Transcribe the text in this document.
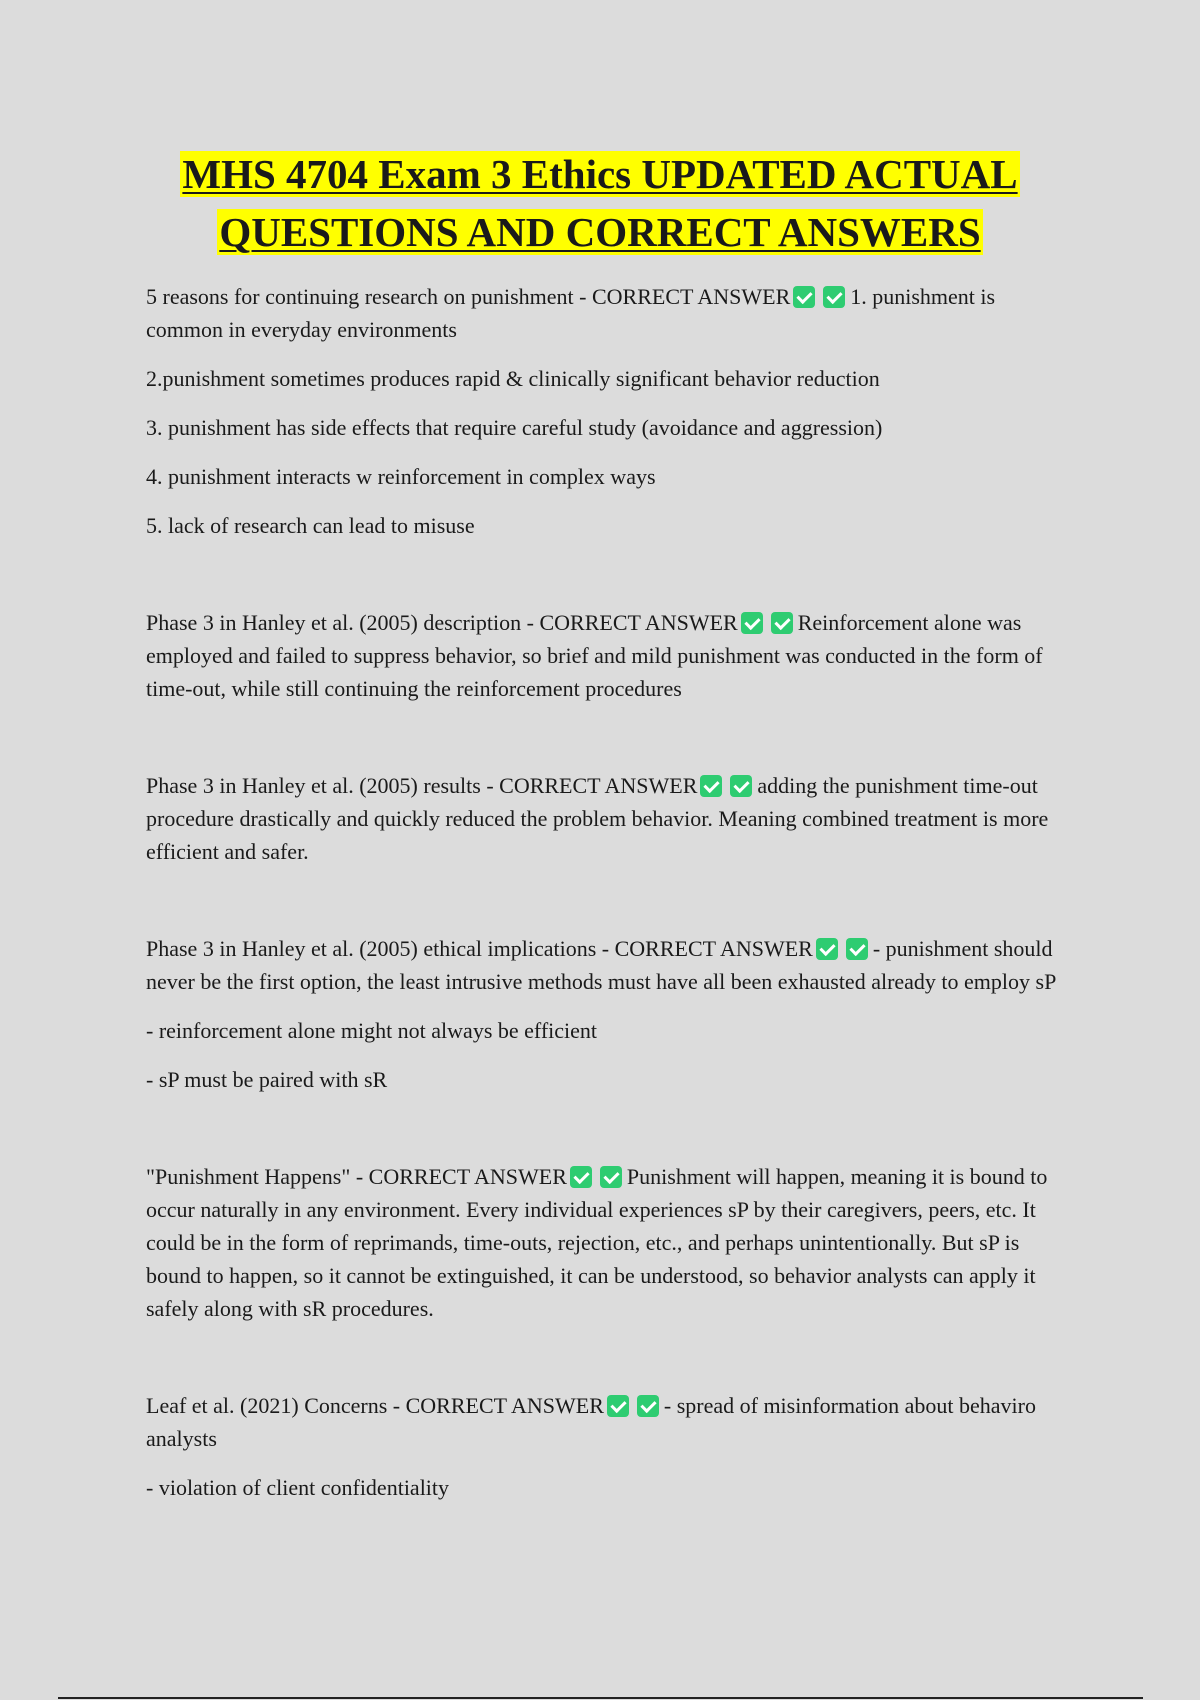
MHS 4704 Exam 3 Ethics UPDATED ACTUAL
QUESTIONS AND CORRECT ANSWERS

5 reasons for continuing research on punishment - CORRECT ANSWER	1. punishment is common in everyday environments

2.punishment sometimes produces rapid & clinically significant behavior reduction

3. punishment has side effects that require careful study (avoidance and aggression)

4. punishment interacts w reinforcement in complex ways

5. lack of research can lead to misuse

Phase 3 in Hanley et al. (2005) description - CORRECT ANSWER	Reinforcement alone was employed and failed to suppress behavior, so brief and mild punishment was conducted in the form of time-out, while still continuing the reinforcement procedures

Phase 3 in Hanley et al. (2005) results - CORRECT ANSWER	adding the punishment time-out procedure drastically and quickly reduced the problem behavior. Meaning combined treatment is more efficient and safer.

Phase 3 in Hanley et al. (2005) ethical implications - CORRECT ANSWER	- punishment should never be the first option, the least intrusive methods must have all been exhausted already to employ sP

- reinforcement alone might not always be efficient

- sP must be paired with sR

"Punishment Happens" - CORRECT ANSWER	Punishment will happen, meaning it is bound to occur naturally in any environment. Every individual experiences sP by their caregivers, peers, etc. It could be in the form of reprimands, time-outs, rejection, etc., and perhaps unintentionally. But sP is bound to happen, so it cannot be extinguished, it can be understood, so behavior analysts can apply it safely along with sR procedures.

Leaf et al. (2021) Concerns - CORRECT ANSWER	- spread of misinformation about behaviro analysts

- violation of client confidentiality
